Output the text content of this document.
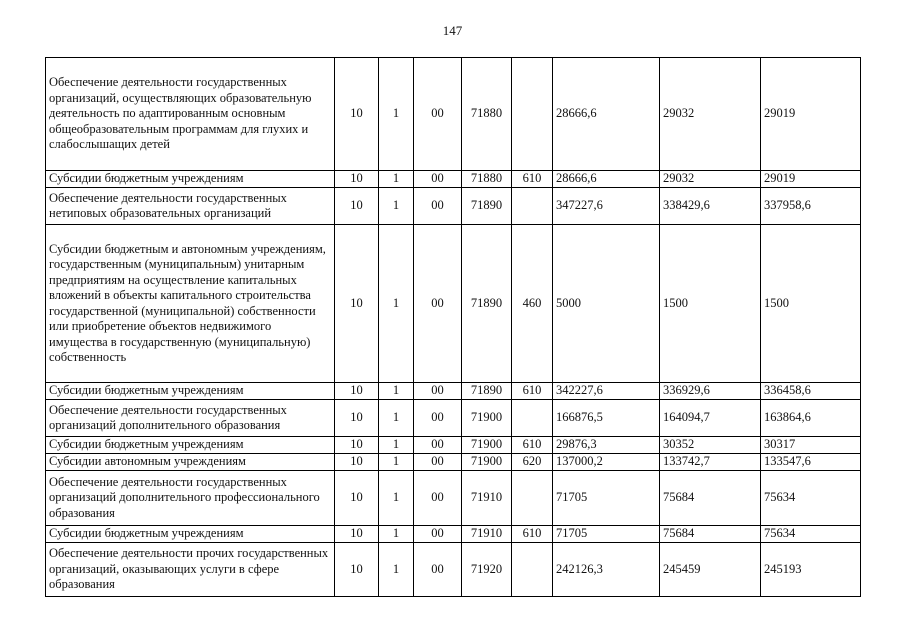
147
Обеспечение деятельности государственных организаций, осуществляющих образовательную деятельность по адаптированным основным общеобразовательным программам для глухих и слабослышащих детей	10	1	00	71880		28666,6	29032	29019
Субсидии бюджетным учреждениям	10	1	00	71880	610	28666,6	29032	29019
Обеспечение деятельности государственных нетиповых образовательных организаций	10	1	00	71890		347227,6	338429,6	337958,6
Субсидии бюджетным и автономным учреждениям, государственным (муниципальным) унитарным предприятиям на осуществление капитальных вложений в объекты капитального строительства государственной (муниципальной) собственности или приобретение объектов недвижимого имущества в государственную (муниципальную) собственность	10	1	00	71890	460	5000	1500	1500
Субсидии бюджетным учреждениям	10	1	00	71890	610	342227,6	336929,6	336458,6
Обеспечение деятельности государственных организаций дополнительного образования	10	1	00	71900		166876,5	164094,7	163864,6
Субсидии бюджетным учреждениям	10	1	00	71900	610	29876,3	30352	30317
Субсидии автономным учреждениям	10	1	00	71900	620	137000,2	133742,7	133547,6
Обеспечение деятельности государственных организаций дополнительного профессионального образования	10	1	00	71910		71705	75684	75634
Субсидии бюджетным учреждениям	10	1	00	71910	610	71705	75684	75634
Обеспечение деятельности прочих государственных организаций, оказывающих услуги в сфере образования	10	1	00	71920		242126,3	245459	245193
